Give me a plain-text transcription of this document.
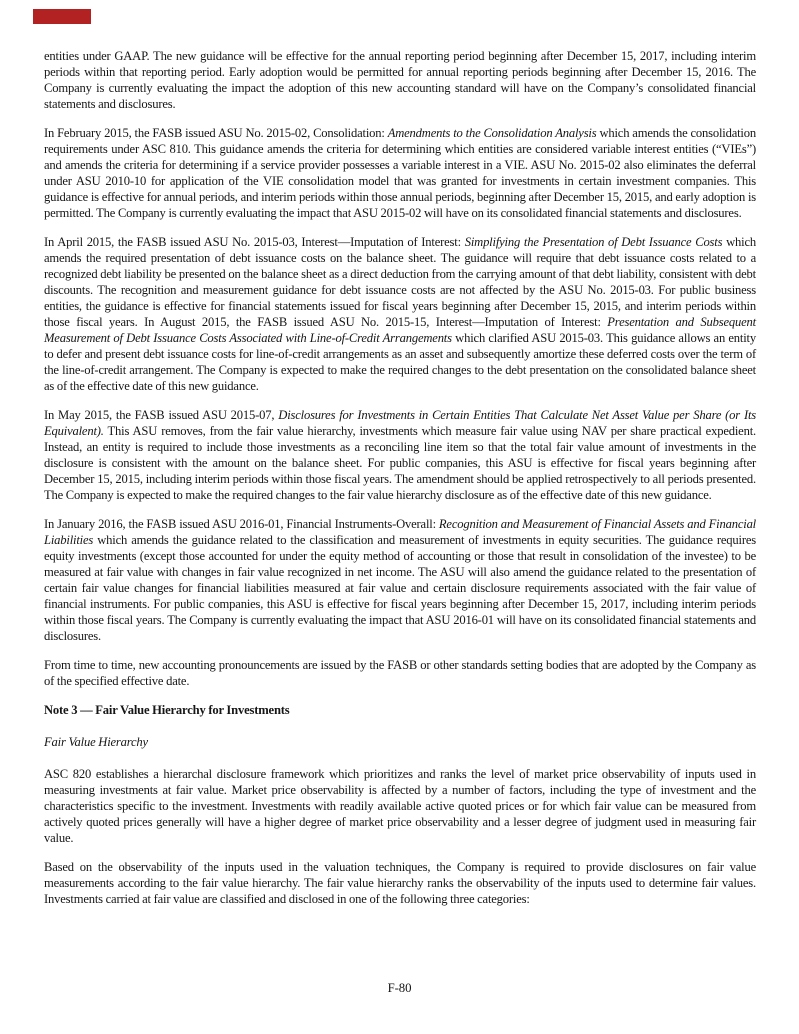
entities under GAAP. The new guidance will be effective for the annual reporting period beginning after December 15, 2017, including interim periods within that reporting period. Early adoption would be permitted for annual reporting periods beginning after December 15, 2016. The Company is currently evaluating the impact the adoption of this new accounting standard will have on the Company’s consolidated financial statements and disclosures.

In February 2015, the FASB issued ASU No. 2015-02, Consolidation: Amendments to the Consolidation Analysis which amends the consolidation requirements under ASC 810. This guidance amends the criteria for determining which entities are considered variable interest entities (“VIEs”) and amends the criteria for determining if a service provider possesses a variable interest in a VIE. ASU No. 2015-02 also eliminates the deferral under ASU 2010-10 for application of the VIE consolidation model that was granted for investments in certain investment companies. This guidance is effective for annual periods, and interim periods within those annual periods, beginning after December 15, 2015, and early adoption is permitted. The Company is currently evaluating the impact that ASU 2015-02 will have on its consolidated financial statements and disclosures.

In April 2015, the FASB issued ASU No. 2015-03, Interest—Imputation of Interest: Simplifying the Presentation of Debt Issuance Costs which amends the required presentation of debt issuance costs on the balance sheet. The guidance will require that debt issuance costs related to a recognized debt liability be presented on the balance sheet as a direct deduction from the carrying amount of that debt liability, consistent with debt discounts. The recognition and measurement guidance for debt issuance costs are not affected by the ASU No. 2015-03. For public business entities, the guidance is effective for financial statements issued for fiscal years beginning after December 15, 2015, and interim periods within those fiscal years. In August 2015, the FASB issued ASU No. 2015-15, Interest—Imputation of Interest: Presentation and Subsequent Measurement of Debt Issuance Costs Associated with Line-of-Credit Arrangements which clarified ASU 2015-03. This guidance allows an entity to defer and present debt issuance costs for line-of-credit arrangements as an asset and subsequently amortize these deferred costs over the term of the line-of-credit arrangement. The Company is expected to make the required changes to the debt presentation on the consolidated balance sheet as of the effective date of this new guidance.

In May 2015, the FASB issued ASU 2015-07, Disclosures for Investments in Certain Entities That Calculate Net Asset Value per Share (or Its Equivalent). This ASU removes, from the fair value hierarchy, investments which measure fair value using NAV per share practical expedient. Instead, an entity is required to include those investments as a reconciling line item so that the total fair value amount of investments in the disclosure is consistent with the amount on the balance sheet. For public companies, this ASU is effective for fiscal years beginning after December 15, 2015, including interim periods within those fiscal years. The amendment should be applied retrospectively to all periods presented. The Company is expected to make the required changes to the fair value hierarchy disclosure as of the effective date of this new guidance.

In January 2016, the FASB issued ASU 2016-01, Financial Instruments-Overall: Recognition and Measurement of Financial Assets and Financial Liabilities which amends the guidance related to the classification and measurement of investments in equity securities. The guidance requires equity investments (except those accounted for under the equity method of accounting or those that result in consolidation of the investee) to be measured at fair value with changes in fair value recognized in net income. The ASU will also amend the guidance related to the presentation of certain fair value changes for financial liabilities measured at fair value and certain disclosure requirements associated with the fair value of financial instruments. For public companies, this ASU is effective for fiscal years beginning after December 15, 2017, including interim periods within those fiscal years. The Company is currently evaluating the impact that ASU 2016-01 will have on its consolidated financial statements and disclosures.

From time to time, new accounting pronouncements are issued by the FASB or other standards setting bodies that are adopted by the Company as of the specified effective date.

Note 3 — Fair Value Hierarchy for Investments

Fair Value Hierarchy

ASC 820 establishes a hierarchal disclosure framework which prioritizes and ranks the level of market price observability of inputs used in measuring investments at fair value. Market price observability is affected by a number of factors, including the type of investment and the characteristics specific to the investment. Investments with readily available active quoted prices or for which fair value can be measured from actively quoted prices generally will have a higher degree of market price observability and a lesser degree of judgment used in measuring fair value.

Based on the observability of the inputs used in the valuation techniques, the Company is required to provide disclosures on fair value measurements according to the fair value hierarchy. The fair value hierarchy ranks the observability of the inputs used to determine fair values. Investments carried at fair value are classified and disclosed in one of the following three categories:

F-80
